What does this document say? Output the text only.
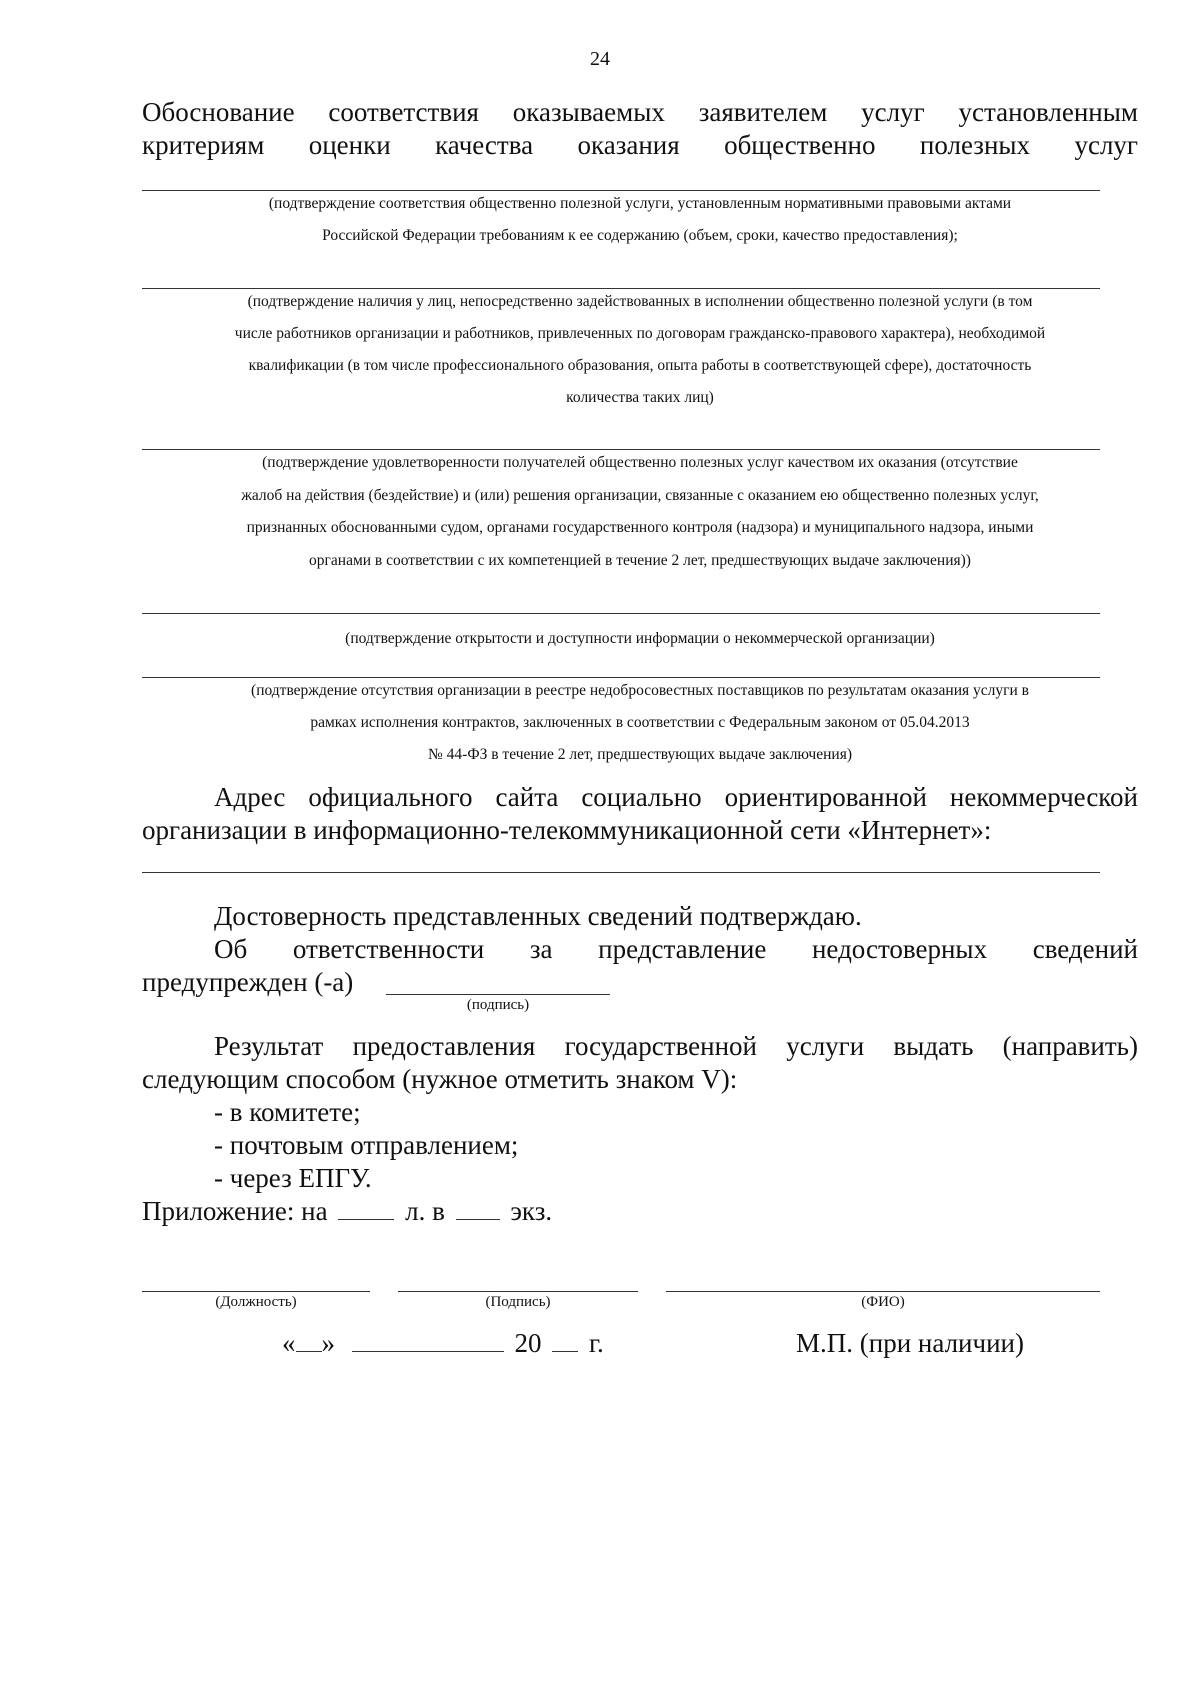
24
Обоснование соответствия оказываемых заявителем услуг установленным
критериям оценки качества оказания общественно полезных услуг
(подтверждение соответствия общественно полезной услуги, установленным нормативными правовыми актами
Российской Федерации требованиям к ее содержанию (объем, сроки, качество предоставления);
(подтверждение наличия у лиц, непосредственно задействованных в исполнении общественно полезной услуги (в том
числе работников организации и работников, привлеченных по договорам гражданско-правового характера), необходимой
квалификации (в том числе профессионального образования, опыта работы в соответствующей сфере), достаточность
количества таких лиц)
(подтверждение удовлетворенности получателей общественно полезных услуг качеством их оказания (отсутствие
жалоб на действия (бездействие) и (или) решения организации, связанные с оказанием ею общественно полезных услуг,
признанных обоснованными судом, органами государственного контроля (надзора) и муниципального надзора, иными
органами в соответствии с их компетенцией в течение 2 лет, предшествующих выдаче заключения))
(подтверждение открытости и доступности информации о некоммерческой организации)
(подтверждение отсутствия организации в реестре недобросовестных поставщиков по результатам оказания услуги в
рамках исполнения контрактов, заключенных в соответствии с Федеральным законом от 05.04.2013
№ 44-ФЗ в течение 2 лет, предшествующих выдаче заключения)
Адрес официального сайта социально ориентированной некоммерческой
организации в информационно-телекоммуникационной сети «Интернет»:
Достоверность представленных сведений подтверждаю.
Об ответственности за представление недостоверных сведений
предупрежден (-а)
(подпись)
Результат предоставления государственной услуги выдать (направить)
следующим способом (нужное отметить знаком V):
- в комитете;
- почтовым отправлением;
- через ЕПГУ.
Приложение: на	л. в экз.
(Должность)	(Подпись)	(ФИО)
« »	20 г.	М.П. (при наличии)
